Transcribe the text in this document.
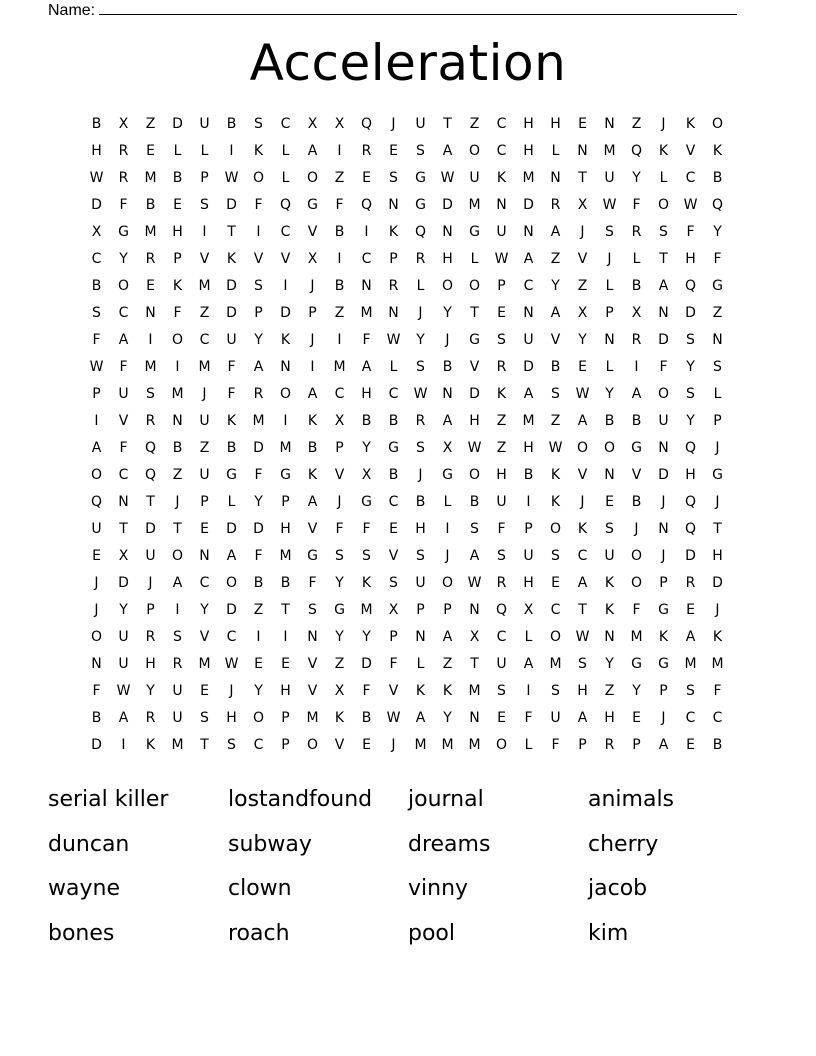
Name:
Acceleration
B	X	Z	D	U	B	S	C	X	X	Q	J	U	T	Z	C	H	H	E	N	Z	J	K	O
H	R	E	L	L	I	K	L	A	I	R	E	S	A	O	C	H	L	N	M	Q	K	V	K
W	R	M	B	P	W	O	L	O	Z	E	S	G	W	U	K	M	N	T	U	Y	L	C	B
D	F	B	E	S	D	F	Q	G	F	Q	N	G	D	M	N	D	R	X	W	F	O	W	Q
X	G	M	H	I	T	I	C	V	B	I	K	Q	N	G	U	N	A	J	S	R	S	F	Y
C	Y	R	P	V	K	V	V	X	I	C	P	R	H	L	W	A	Z	V	J	L	T	H	F
B	O	E	K	M	D	S	I	J	B	N	R	L	O	O	P	C	Y	Z	L	B	A	Q	G
S	C	N	F	Z	D	P	D	P	Z	M	N	J	Y	T	E	N	A	X	P	X	N	D	Z
F	A	I	O	C	U	Y	K	J	I	F	W	Y	J	G	S	U	V	Y	N	R	D	S	N
W	F	M	I	M	F	A	N	I	M	A	L	S	B	V	R	D	B	E	L	I	F	Y	S
P	U	S	M	J	F	R	O	A	C	H	C	W	N	D	K	A	S	W	Y	A	O	S	L
I	V	R	N	U	K	M	I	K	X	B	B	R	A	H	Z	M	Z	A	B	B	U	Y	P
A	F	Q	B	Z	B	D	M	B	P	Y	G	S	X	W	Z	H	W	O	O	G	N	Q	J
O	C	Q	Z	U	G	F	G	K	V	X	B	J	G	O	H	B	K	V	N	V	D	H	G
Q	N	T	J	P	L	Y	P	A	J	G	C	B	L	B	U	I	K	J	E	B	J	Q	J
U	T	D	T	E	D	D	H	V	F	F	E	H	I	S	F	P	O	K	S	J	N	Q	T
E	X	U	O	N	A	F	M	G	S	S	V	S	J	A	S	U	S	C	U	O	J	D	H
J	D	J	A	C	O	B	B	F	Y	K	S	U	O	W	R	H	E	A	K	O	P	R	D
J	Y	P	I	Y	D	Z	T	S	G	M	X	P	P	N	Q	X	C	T	K	F	G	E	J
O	U	R	S	V	C	I	I	N	Y	Y	P	N	A	X	C	L	O	W	N	M	K	A	K
N	U	H	R	M	W	E	E	V	Z	D	F	L	Z	T	U	A	M	S	Y	G	G	M	M
F	W	Y	U	E	J	Y	H	V	X	F	V	K	K	M	S	I	S	H	Z	Y	P	S	F
B	A	R	U	S	H	O	P	M	K	B	W	A	Y	N	E	F	U	A	H	E	J	C	C
D	I	K	M	T	S	C	P	O	V	E	J	M	M	M	O	L	F	P	R	P	A	E	B
serial killer	lostandfound	journal	animals
duncan	subway	dreams	cherry
wayne	clown	vinny	jacob
bones	roach	pool	kim
